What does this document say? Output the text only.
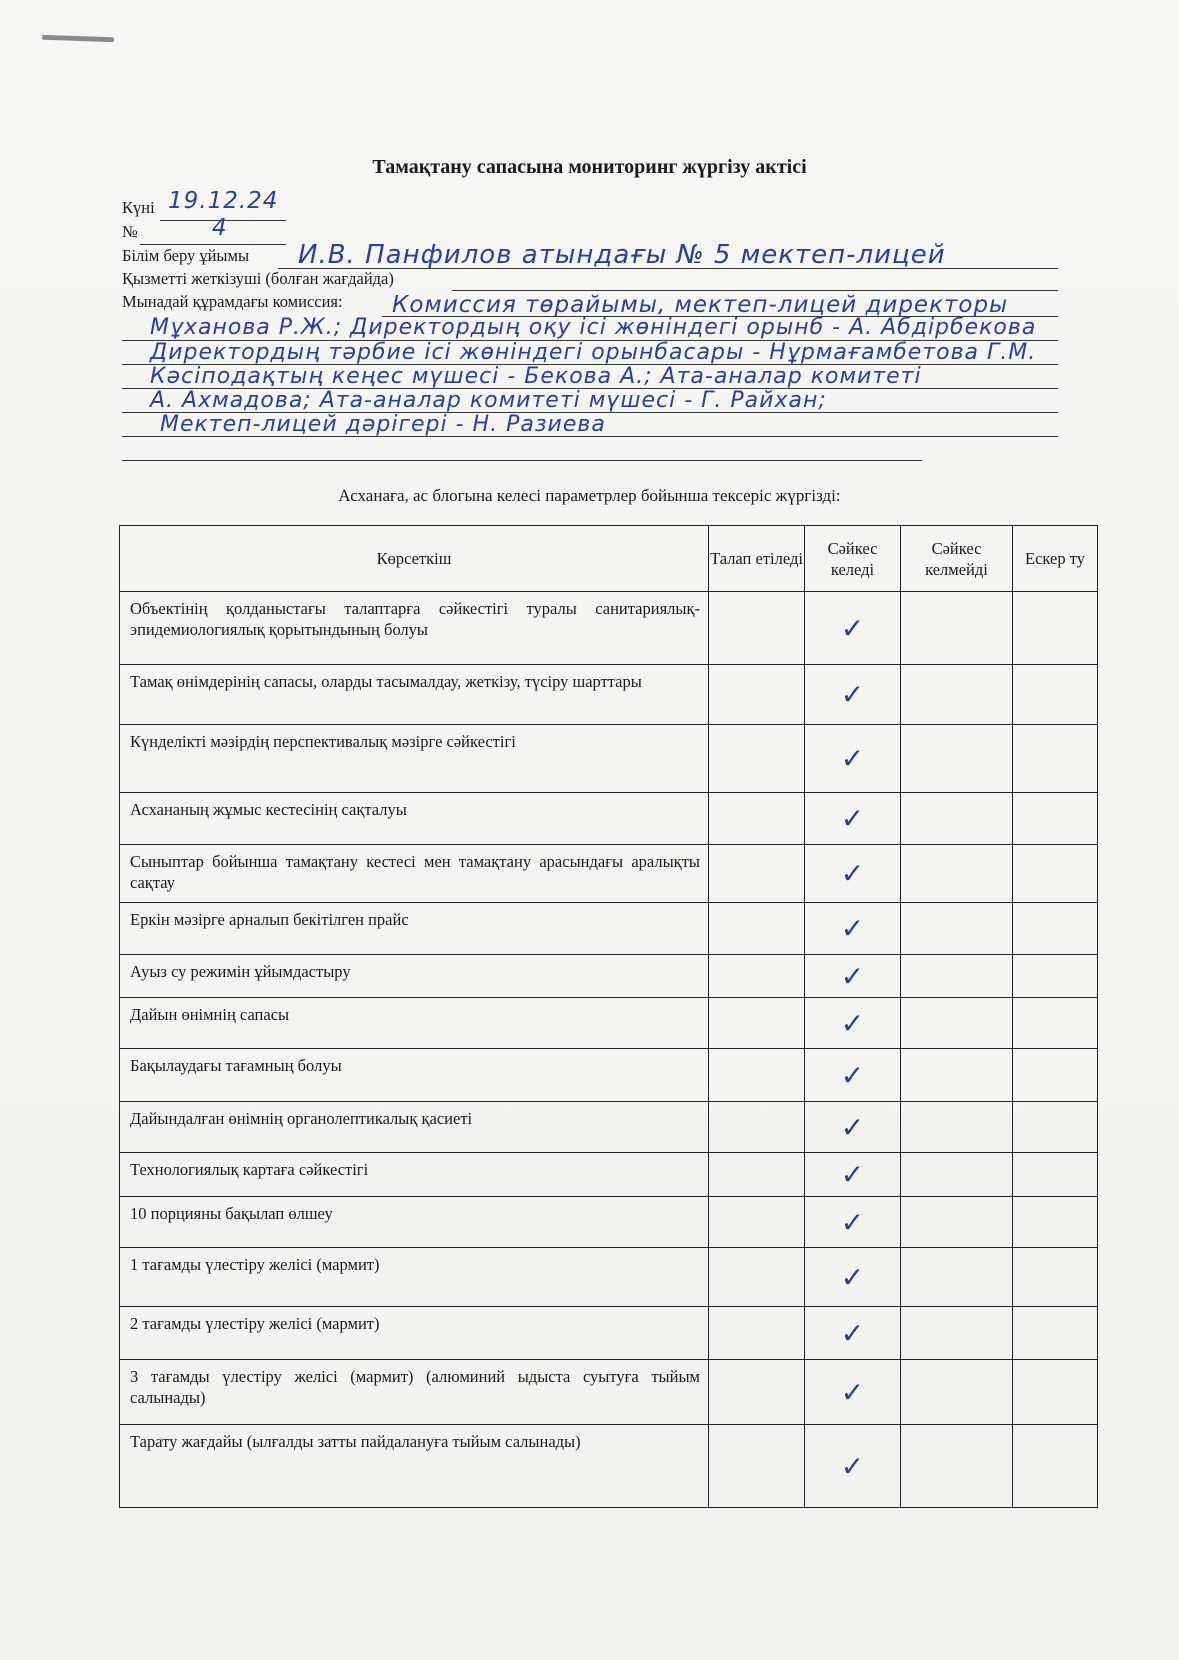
Тамақтану сапасына мониторинг жүргізу актісі
Күні 19.12.24
№	4
Білім беру ұйымы И.В. Панфилов атындағы № 5 мектеп-лицей
Қызметті жеткізуші (болған жағдайда)
Мынадай құрамдағы комиссия: Комиссия төрайымы, мектеп-лицей директоры
Мұханова Р.Ж.; Директордың оқу ісі жөніндегі орынб - А. Абдірбекова
Директордың тәрбие ісі жөніндегі орынбасары - Нұрмағамбетова Г.М.
Кәсіподақтың кеңес мүшесі - Бекова А.; Ата-аналар комитеті
А. Ахмадова; Ата-аналар комитеті мүшесі - Г. Райхан;
Мектеп-лицей дәрігері - Н. Разиева
Асханаға, ас блогына келесі параметрлер бойынша тексеріс жүргізді:
Көрсеткіш	Талап етіледі	Сәйкес келеді	Сәйкес келмейді	Ескер ту
Объектінің қолданыстағы талаптарға сәйкестігі туралы санитариялық-эпидемиологиялық қорытындының болуы		✓		
Тамақ өнімдерінің сапасы, оларды тасымалдау, жеткізу, түсіру шарттары		✓		
Күнделікті мәзірдің перспективалық мәзірге сәйкестігі		✓		
Асхананың жұмыс кестесінің сақталуы		✓		
Сыныптар бойынша тамақтану кестесі мен тамақтану арасындағы аралықты сақтау		✓		
Еркін мәзірге арналып бекітілген прайс		✓		
Ауыз су режимін ұйымдастыру		✓		
Дайын өнімнің сапасы		✓		
Бақылаудағы тағамның болуы		✓		
Дайындалған өнімнің органолептикалық қасиеті		✓		
Технологиялық картаға сәйкестігі		✓		
10 порцияны бақылап өлшеу		✓		
1 тағамды үлестіру желісі (мармит)		✓		
2 тағамды үлестіру желісі (мармит)		✓		
3 тағамды үлестіру желісі (мармит) (алюминий ыдыста суытуға тыйым салынады)		✓		
Тарату жағдайы (ылғалды затты пайдалануға тыйым салынады)		✓		
